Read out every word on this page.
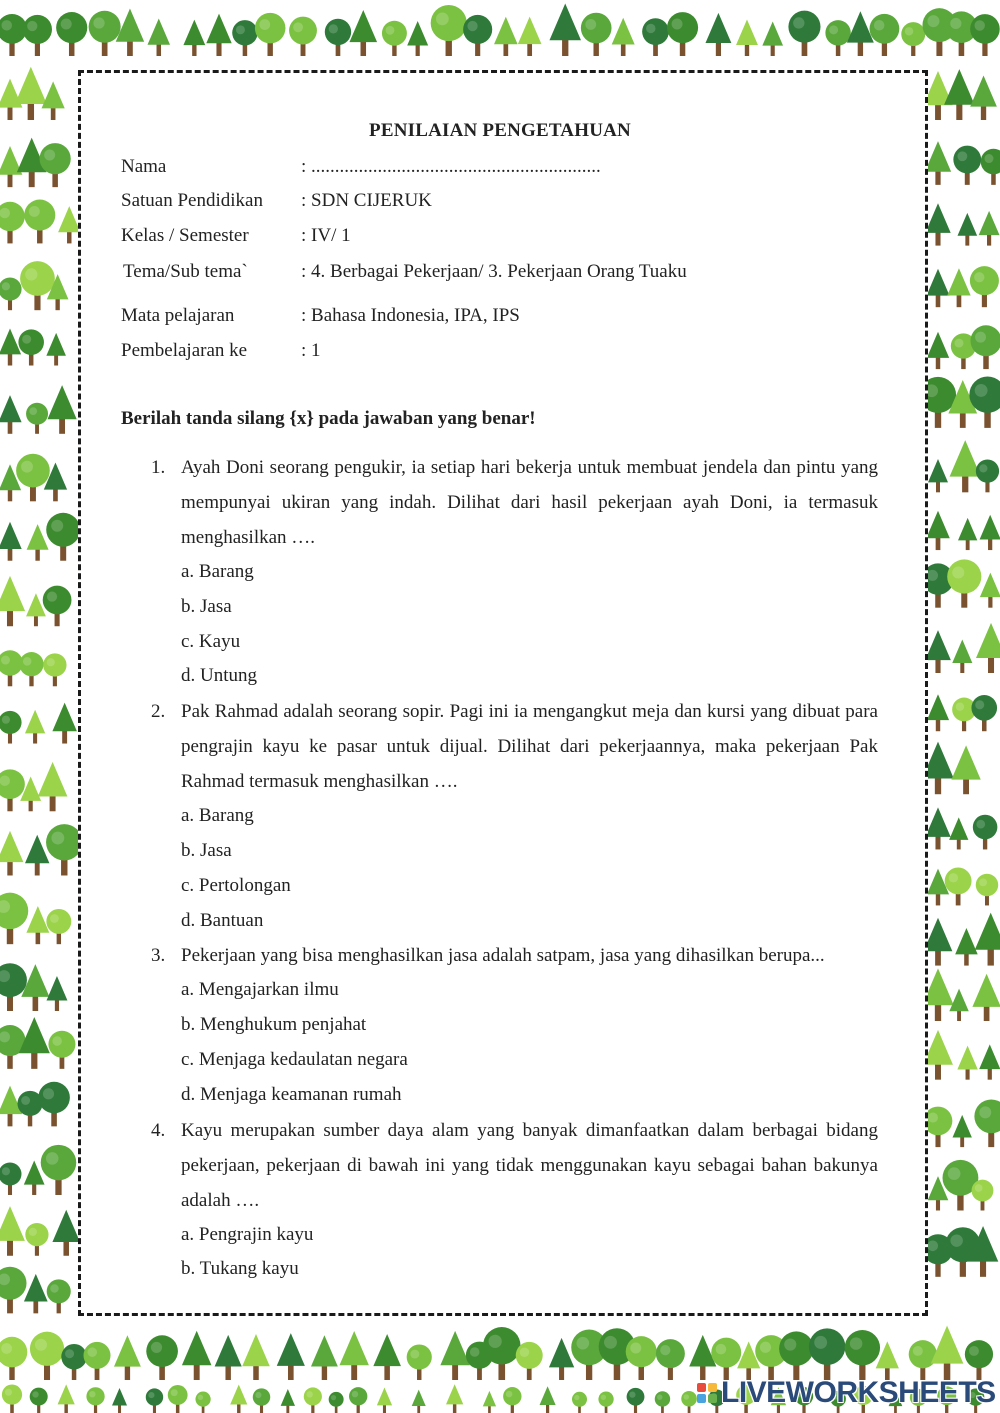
PENILAIAN PENGETAHUAN
Nama	: .............................................................
Satuan Pendidikan : SDN CIJERUK
Kelas / Semester	: IV/ 1
Tema/Sub tema`	: 4. Berbagai Pekerjaan/ 3. Pekerjaan Orang Tuaku
Mata pelajaran	: Bahasa Indonesia, IPA, IPS
Pembelajaran ke	: 1
Berilah tanda silang {x} pada jawaban yang benar!
1. Ayah Doni seorang pengukir, ia setiap hari bekerja untuk membuat jendela dan pintu yang mempunyai ukiran yang indah. Dilihat dari hasil pekerjaan ayah Doni, ia termasuk menghasilkan ….
a. Barang
b. Jasa
c. Kayu
d. Untung
2. Pak Rahmad adalah seorang sopir. Pagi ini ia mengangkut meja dan kursi yang dibuat para pengrajin kayu ke pasar untuk dijual. Dilihat dari pekerjaannya, maka pekerjaan Pak Rahmad termasuk menghasilkan ….
a. Barang
b. Jasa
c. Pertolongan
d. Bantuan
3. Pekerjaan yang bisa menghasilkan jasa adalah satpam, jasa yang dihasilkan berupa...
a. Mengajarkan ilmu
b. Menghukum penjahat
c. Menjaga kedaulatan negara
d. Menjaga keamanan rumah
4. Kayu merupakan sumber daya alam yang banyak dimanfaatkan dalam berbagai bidang pekerjaan, pekerjaan di bawah ini yang tidak menggunakan kayu sebagai bahan bakunya adalah ….
a. Pengrajin kayu
b. Tukang kayu
LIVEWORKSHEETS
